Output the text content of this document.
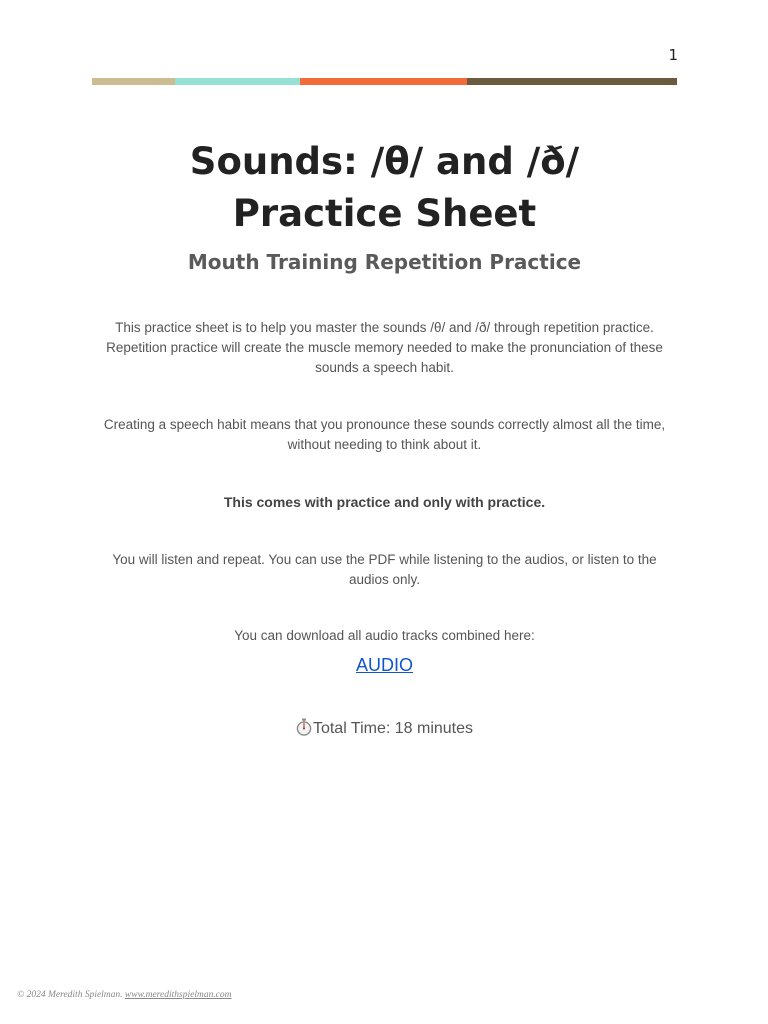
1
Sounds: /θ/ and /ð/
Practice Sheet
Mouth Training Repetition Practice

This practice sheet is to help you master the sounds /θ/ and /ð/ through repetition practice. Repetition practice will create the muscle memory needed to make the pronunciation of these sounds a speech habit.

Creating a speech habit means that you pronounce these sounds correctly almost all the time, without needing to think about it.

This comes with practice and only with practice.

You will listen and repeat. You can use the PDF while listening to the audios, or listen to the audios only.

You can download all audio tracks combined here:

AUDIO

Total Time: 18 minutes

© 2024 Meredith Spielman. www.meredithspielman.com
